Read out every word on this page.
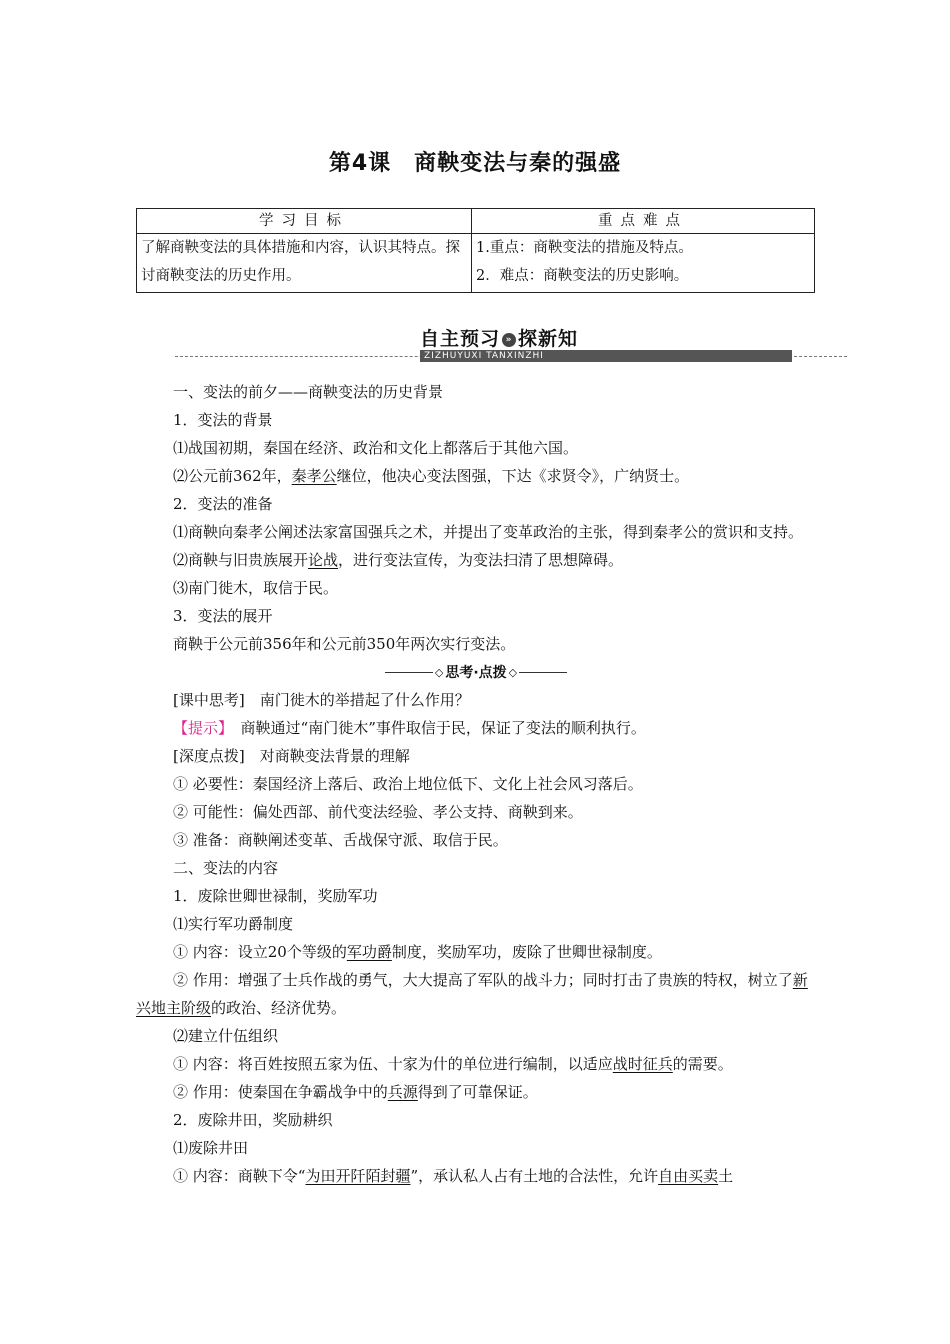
第4课　商鞅变法与秦的强盛
学习目标	重点难点
了解商鞅变法的具体措施和内容，认识其特点。探讨商鞅变法的历史作用。	1.重点：商鞅变法的措施及特点。
2．难点：商鞅变法的历史影响。
自主预习 » 探新知
ZIZHUYUXI TANXINZHI

一、变法的前夕——商鞅变法的历史背景

1．变法的背景

⑴战国初期，秦国在经济、政治和文化上都落后于其他六国。

⑵公元前362年，秦孝公继位，他决心变法图强，下达《求贤令》，广纳贤士。

2．变法的准备

⑴商鞅向秦孝公阐述法家富国强兵之术，并提出了变革政治的主张，得到秦孝公的赏识和支持。

⑵商鞅与旧贵族展开论战，进行变法宣传，为变法扫清了思想障碍。

⑶南门徙木，取信于民。

3．变法的展开

商鞅于公元前356年和公元前350年两次实行变法。

◇ 思考·点拨 ◇

[课中思考]　 南门徙木的举措起了什么作用？

【提示】　 商鞅通过“南门徙木”事件取信于民，保证了变法的顺利执行。

[深度点拨]　 对商鞅变法背景的理解

① 必要性：秦国经济上落后、政治上地位低下、文化上社会风习落后。

② 可能性：偏处西部、前代变法经验、孝公支持、商鞅到来。

③ 准备：商鞅阐述变革、舌战保守派、取信于民。

二、变法的内容

1．废除世卿世禄制，奖励军功

⑴实行军功爵制度

① 内容：设立20个等级的军功爵制度，奖励军功，废除了世卿世禄制度。

② 作用：增强了士兵作战的勇气，大大提高了军队的战斗力；同时打击了贵族的特权，树立了新兴地主阶级的政治、经济优势。

⑵建立什伍组织

① 内容：将百姓按照五家为伍、十家为什的单位进行编制，以适应战时征兵的需要。

② 作用：使秦国在争霸战争中的兵源得到了可靠保证。

2．废除井田，奖励耕织

⑴废除井田

① 内容：商鞅下令“为田开阡陌封疆”，承认私人占有土地的合法性，允许自由买卖土
